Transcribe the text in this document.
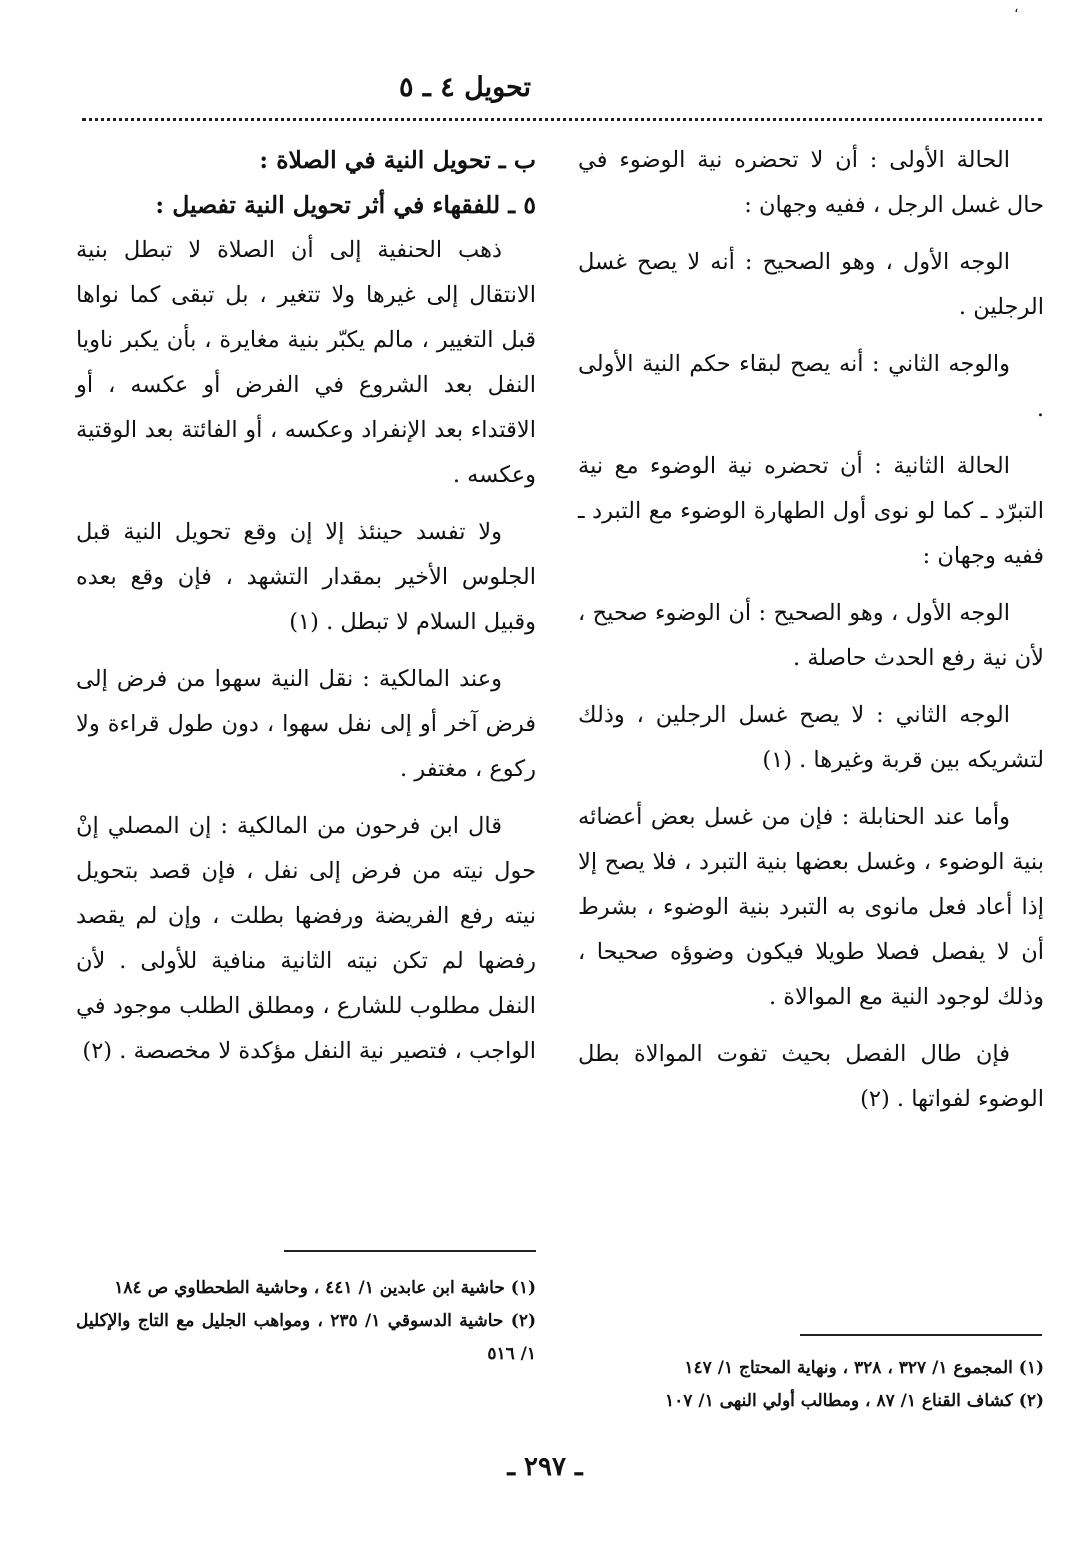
،
تحويل ٤ ـ ٥

الحالة الأولى : أن لا تحضره نية الوضوء في حال غسل الرجل ، ففيه وجهان :

الوجه الأول ، وهو الصحيح : أنه لا يصح غسل الرجلين .

والوجه الثاني : أنه يصح لبقاء حكم النية الأولى .

الحالة الثانية : أن تحضره نية الوضوء مع نية التبرّد ـ كما لو نوى أول الطهارة الوضوء مع التبرد ـ ففيه وجهان :

الوجه الأول ، وهو الصحيح : أن الوضوء صحيح ، لأن نية رفع الحدث حاصلة .

الوجه الثاني : لا يصح غسل الرجلين ، وذلك لتشريكه بين قربة وغيرها . (١)

وأما عند الحنابلة : فإن من غسل بعض أعضائه بنية الوضوء ، وغسل بعضها بنية التبرد ، فلا يصح إلا إذا أعاد فعل مانوى به التبرد بنية الوضوء ، بشرط أن لا يفصل فصلا طويلا فيكون وضوؤه صحيحا ، وذلك لوجود النية مع الموالاة .

فإن طال الفصل بحيث تفوت الموالاة بطل الوضوء لفواتها . (٢)

ب ـ تحويل النية في الصلاة :

٥ ـ للفقهاء في أثر تحويل النية تفصيل :

ذهب الحنفية إلى أن الصلاة لا تبطل بنية الانتقال إلى غيرها ولا تتغير ، بل تبقى كما نواها قبل التغيير ، مالم يكبّر بنية مغايرة ، بأن يكبر ناويا النفل بعد الشروع في الفرض أو عكسه ، أو الاقتداء بعد الإنفراد وعكسه ، أو الفائتة بعد الوقتية وعكسه .

ولا تفسد حينئذ إلا إن وقع تحويل النية قبل الجلوس الأخير بمقدار التشهد ، فإن وقع بعده وقبيل السلام لا تبطل . (١)

وعند المالكية : نقل النية سهوا من فرض إلى فرض آخر أو إلى نفل سهوا ، دون طول قراءة ولا ركوع ، مغتفر .

قال ابن فرحون من المالكية : إن المصلي إنْ حول نيته من فرض إلى نفل ، فإن قصد بتحويل نيته رفع الفريضة ورفضها بطلت ، وإن لم يقصد رفضها لم تكن نيته الثانية منافية للأولى . لأن النفل مطلوب للشارع ، ومطلق الطلب موجود في الواجب ، فتصير نية النفل مؤكدة لا مخصصة . (٢)

(١) المجموع ١/ ٣٢٧ ، ٣٢٨ ، ونهاية المحتاج ١/ ١٤٧

(٢) كشاف القناع ١/ ٨٧ ، ومطالب أولي النهى ١/ ١٠٧

(١) حاشية ابن عابدين ١/ ٤٤١ ، وحاشية الطحطاوي ص ١٨٤

(٢) حاشية الدسوقي ١/ ٢٣٥ ، ومواهب الجليل مع التاج والإكليل ١/ ٥١٦

ـ ٢٩٧ ـ
